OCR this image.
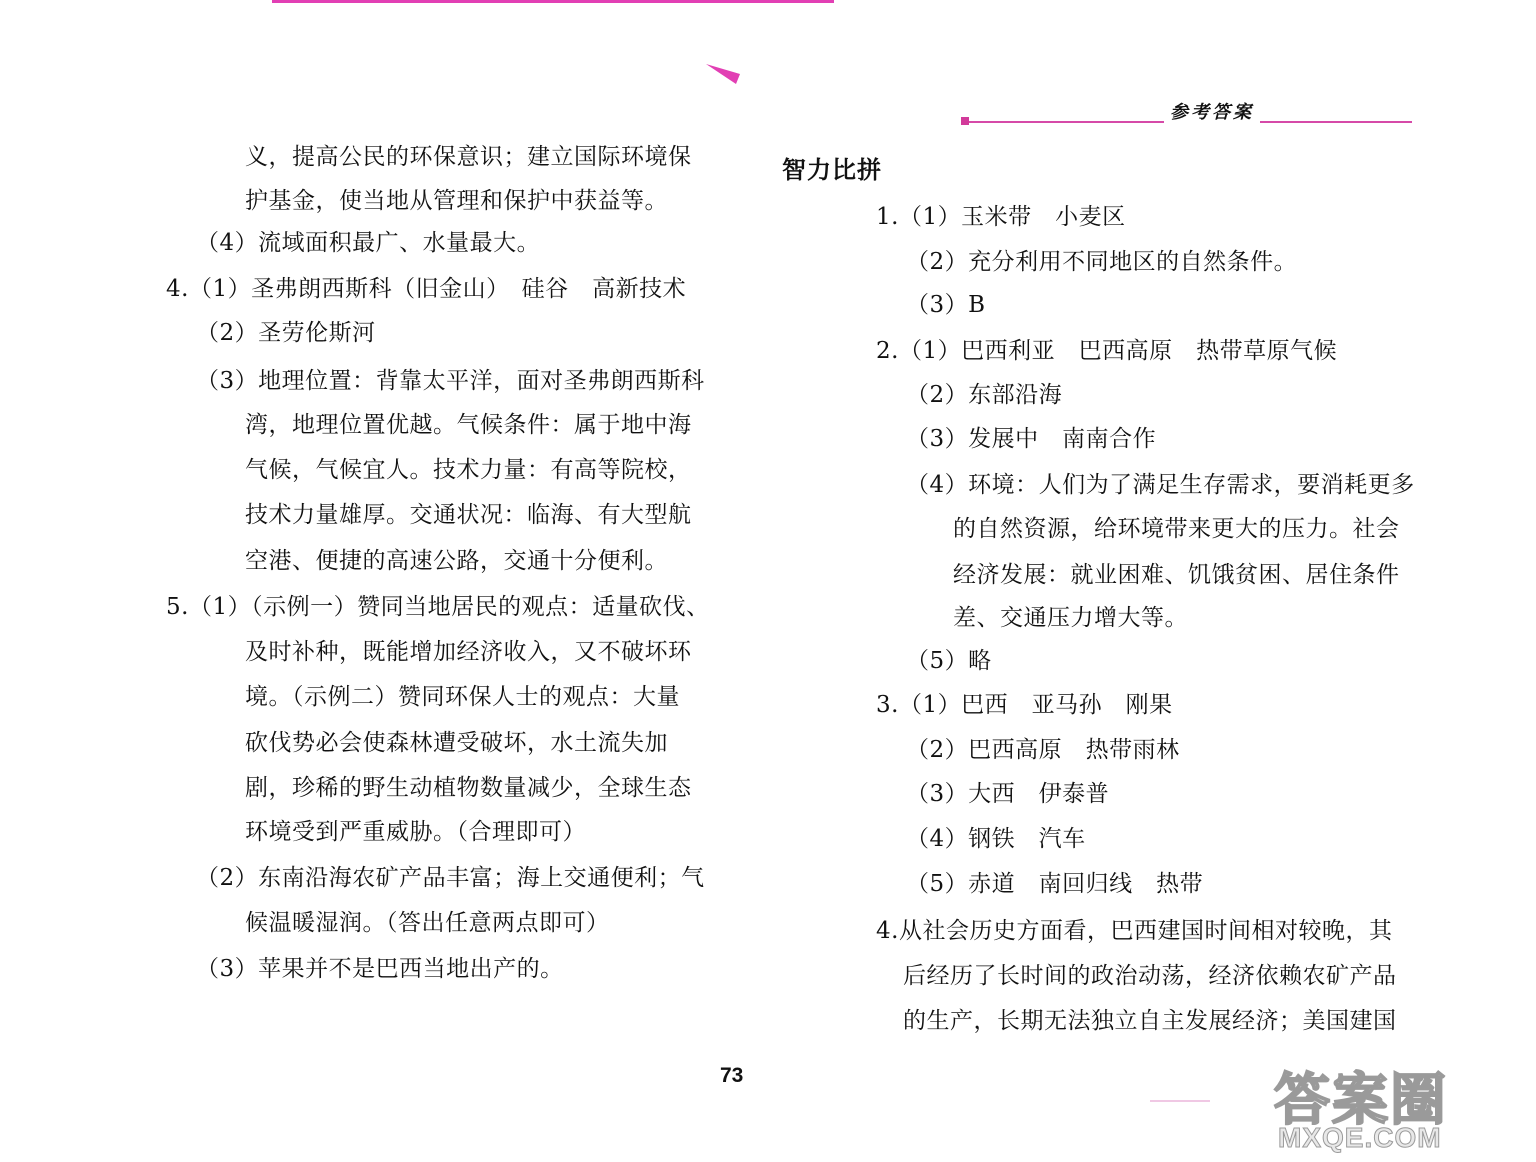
参考答案
义，提高公民的环保意识；建立国际环境保
护基金，使当地从管理和保护中获益等。
（4）流域面积最广、水量最大。
4.（1）圣弗朗西斯科（旧金山）　硅谷　高新技术
（2）圣劳伦斯河
（3）地理位置：背靠太平洋，面对圣弗朗西斯科
湾，地理位置优越。气候条件：属于地中海
气候，气候宜人。技术力量：有高等院校，
技术力量雄厚。交通状况：临海、有大型航
空港、便捷的高速公路，交通十分便利。
5.（1）（示例一）赞同当地居民的观点：适量砍伐、
及时补种，既能增加经济收入，又不破坏环
境。（示例二）赞同环保人士的观点：大量
砍伐势必会使森林遭受破坏，水土流失加
剧，珍稀的野生动植物数量减少，全球生态
环境受到严重威胁。（合理即可）
（2）东南沿海农矿产品丰富；海上交通便利；气
候温暖湿润。（答出任意两点即可）
（3）苹果并不是巴西当地出产的。
智力比拼
1.（1）玉米带　小麦区
（2）充分利用不同地区的自然条件。
（3）B
2.（1）巴西利亚　巴西高原　热带草原气候
（2）东部沿海
（3）发展中　南南合作
（4）环境：人们为了满足生存需求，要消耗更多
的自然资源，给环境带来更大的压力。社会
经济发展：就业困难、饥饿贫困、居住条件
差、交通压力增大等。
（5）略
3.（1）巴西　亚马孙　刚果
（2）巴西高原　热带雨林
（3）大西　伊泰普
（4）钢铁　汽车
（5）赤道　南回归线　热带
4.从社会历史方面看，巴西建国时间相对较晚，其
后经历了长时间的政治动荡，经济依赖农矿产品
的生产，长期无法独立自主发展经济；美国建国
73	答案圈
MXQE.COM
